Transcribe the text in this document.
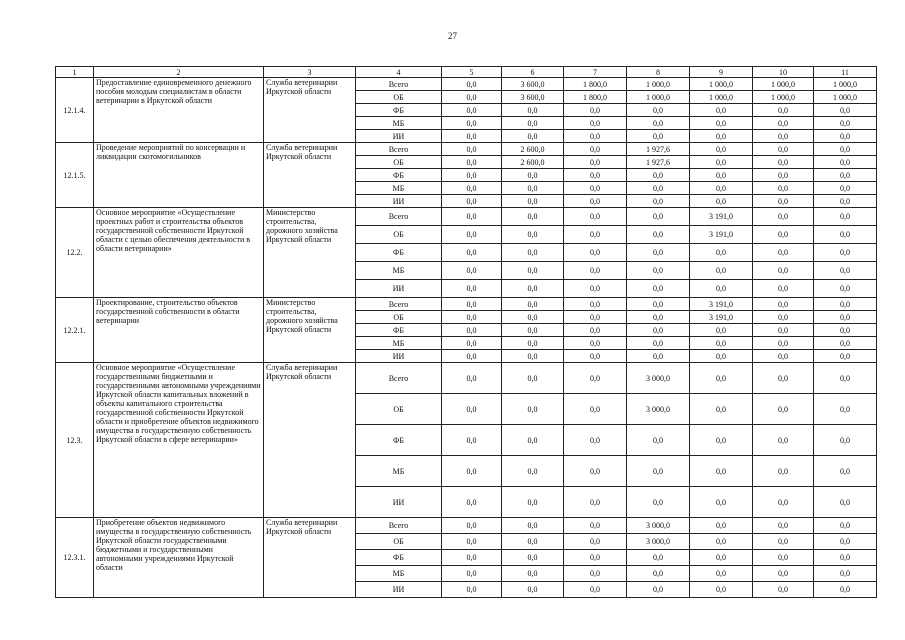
27
1	2	3	4	5	6	7	8	9	10	11
12.1.4.	Предоставление единовременного денежного пособия молодым специалистам в области ветеринарии в Иркутской области	Служба ветеринарии Иркутской области	Всего	0,0	3 600,0	1 800,0	1 000,0	1 000,0	1 000,0	1 000,0
			ОБ	0,0	3 600,0	1 800,0	1 000,0	1 000,0	1 000,0	1 000,0
			ФБ	0,0	0,0	0,0	0,0	0,0	0,0	0,0
			МБ	0,0	0,0	0,0	0,0	0,0	0,0	0,0
			ИИ	0,0	0,0	0,0	0,0	0,0	0,0	0,0
12.1.5.	Проведение мероприятий по консервации и ликвидации скотомогильников	Служба ветеринарии Иркутской области	Всего	0,0	2 600,0	0,0	1 927,6	0,0	0,0	0,0
			ОБ	0,0	2 600,0	0,0	1 927,6	0,0	0,0	0,0
			ФБ	0,0	0,0	0,0	0,0	0,0	0,0	0,0
			МБ	0,0	0,0	0,0	0,0	0,0	0,0	0,0
			ИИ	0,0	0,0	0,0	0,0	0,0	0,0	0,0
12.2.	Основное мероприятие «Осуществление проектных работ и строительства объектов государственной собственности Иркутской области с целью обеспечения деятельности в области ветеринарии»	Министерство строительства, дорожного хозяйства Иркутской области	Всего	0,0	0,0	0,0	0,0	3 191,0	0,0	0,0
			ОБ	0,0	0,0	0,0	0,0	3 191,0	0,0	0,0
			ФБ	0,0	0,0	0,0	0,0	0,0	0,0	0,0
			МБ	0,0	0,0	0,0	0,0	0,0	0,0	0,0
			ИИ	0,0	0,0	0,0	0,0	0,0	0,0	0,0
12.2.1.	Проектирование, строительство объектов государственной собственности в области ветеринарии	Министерство строительства, дорожного хозяйства Иркутской области	Всего	0,0	0,0	0,0	0,0	3 191,0	0,0	0,0
			ОБ	0,0	0,0	0,0	0,0	3 191,0	0,0	0,0
			ФБ	0,0	0,0	0,0	0,0	0,0	0,0	0,0
			МБ	0,0	0,0	0,0	0,0	0,0	0,0	0,0
			ИИ	0,0	0,0	0,0	0,0	0,0	0,0	0,0
12.3.	Основное мероприятие «Осуществление государственными бюджетными и государственными автономными учреждениями Иркутской области капитальных вложений в объекты капитального строительства государственной собственности Иркутской области и приобретение объектов недвижимого имущества в государственную собственность Иркутской области в сфере ветеринарии»	Служба ветеринарии Иркутской области	Всего	0,0	0,0	0,0	3 000,0	0,0	0,0	0,0
			ОБ	0,0	0,0	0,0	3 000,0	0,0	0,0	0,0
			ФБ	0,0	0,0	0,0	0,0	0,0	0,0	0,0
			МБ	0,0	0,0	0,0	0,0	0,0	0,0	0,0
			ИИ	0,0	0,0	0,0	0,0	0,0	0,0	0,0
12.3.1.	Приобретение объектов недвижимого имущества в государственную собственность Иркутской области государственными бюджетными и государственными автономными учреждениями Иркутской области	Служба ветеринарии Иркутской области	Всего	0,0	0,0	0,0	3 000,0	0,0	0,0	0,0
			ОБ	0,0	0,0	0,0	3 000,0	0,0	0,0	0,0
			ФБ	0,0	0,0	0,0	0,0	0,0	0,0	0,0
			МБ	0,0	0,0	0,0	0,0	0,0	0,0	0,0
			ИИ	0,0	0,0	0,0	0,0	0,0	0,0	0,0
